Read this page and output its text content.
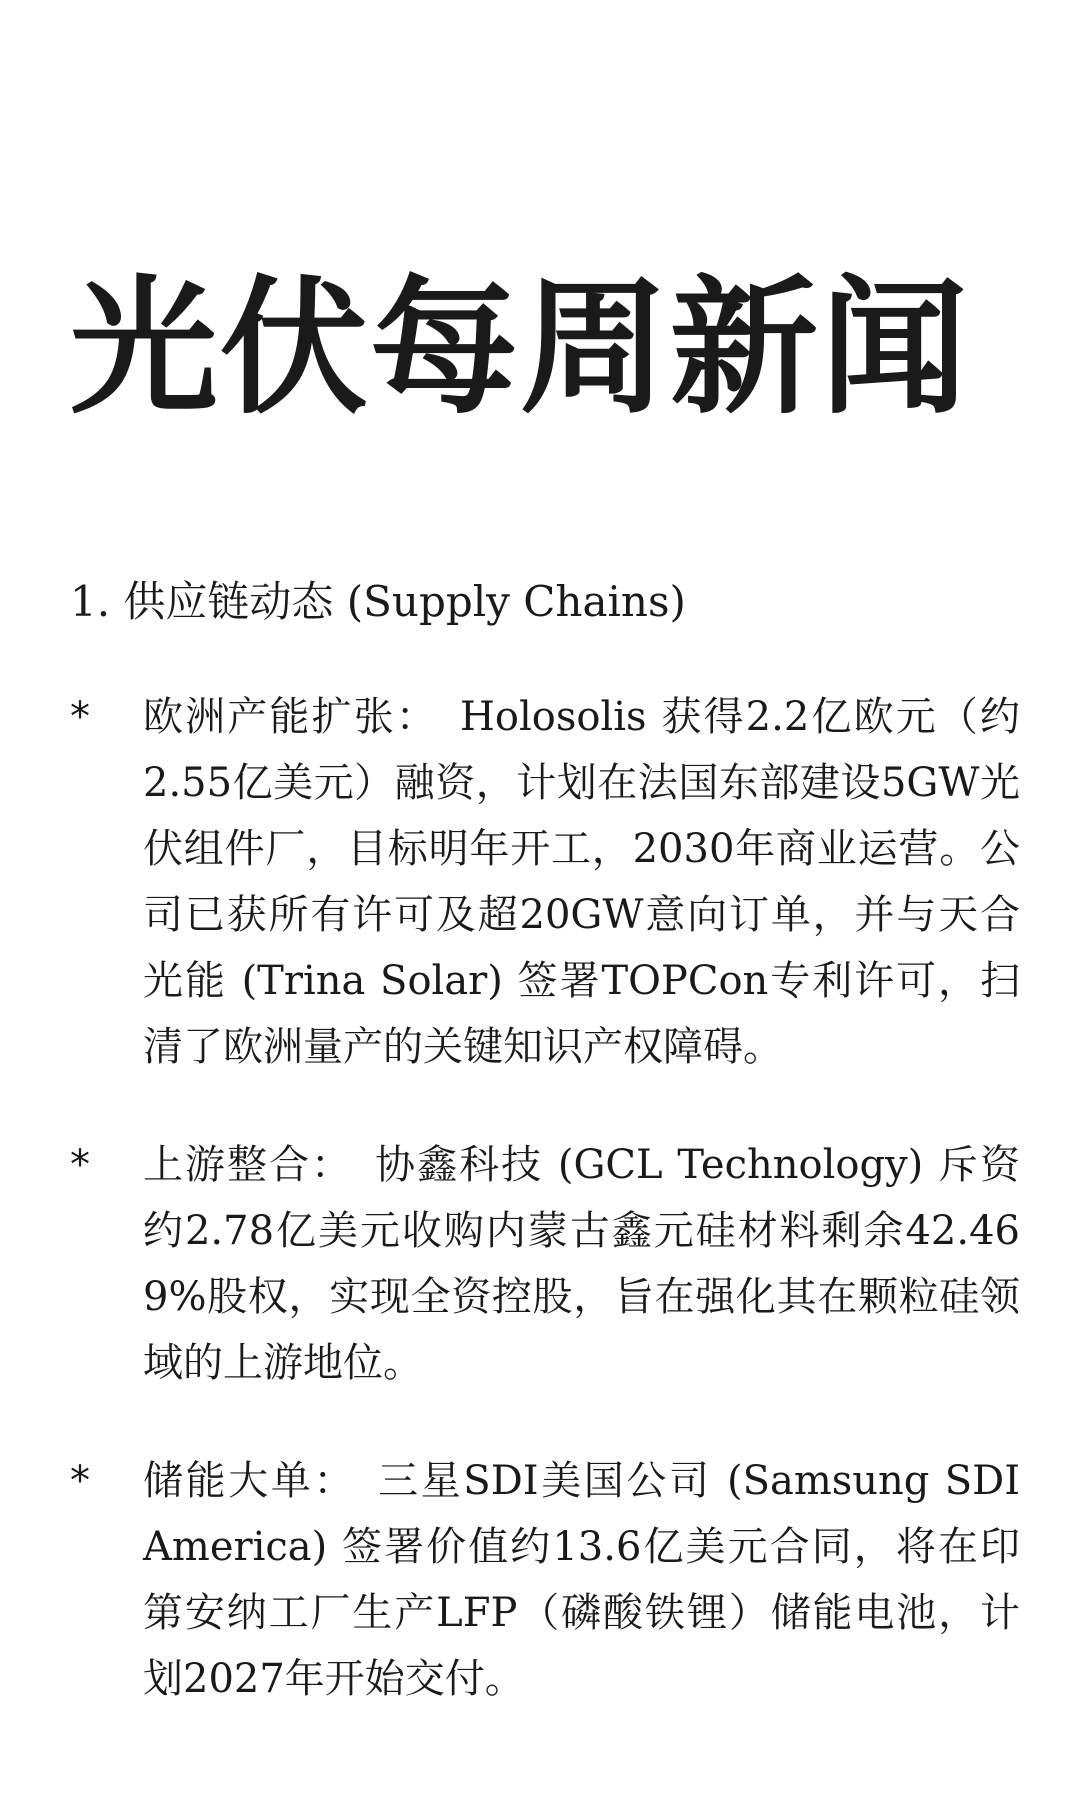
光伏每周新闻
1. 供应链动态 (Supply Chains)
* 欧洲产能扩张： Holosolis 获得2.2亿欧元（约2.55亿美元）融资，计划在法国东部建设5GW光伏组件厂，目标明年开工，2030年商业运营。公司已获所有许可及超20GW意向订单，并与天合光能 (Trina Solar) 签署TOPCon专利许可，扫清了欧洲量产的关键知识产权障碍。
* 上游整合： 协鑫科技 (GCL Technology) 斥资约2.78亿美元收购内蒙古鑫元硅材料剩余42.469%股权，实现全资控股，旨在强化其在颗粒硅领域的上游地位。
* 储能大单： 三星SDI美国公司 (Samsung SDI America) 签署价值约13.6亿美元合同，将在印第安纳工厂生产LFP（磷酸铁锂）储能电池，计划2027年开始交付。
